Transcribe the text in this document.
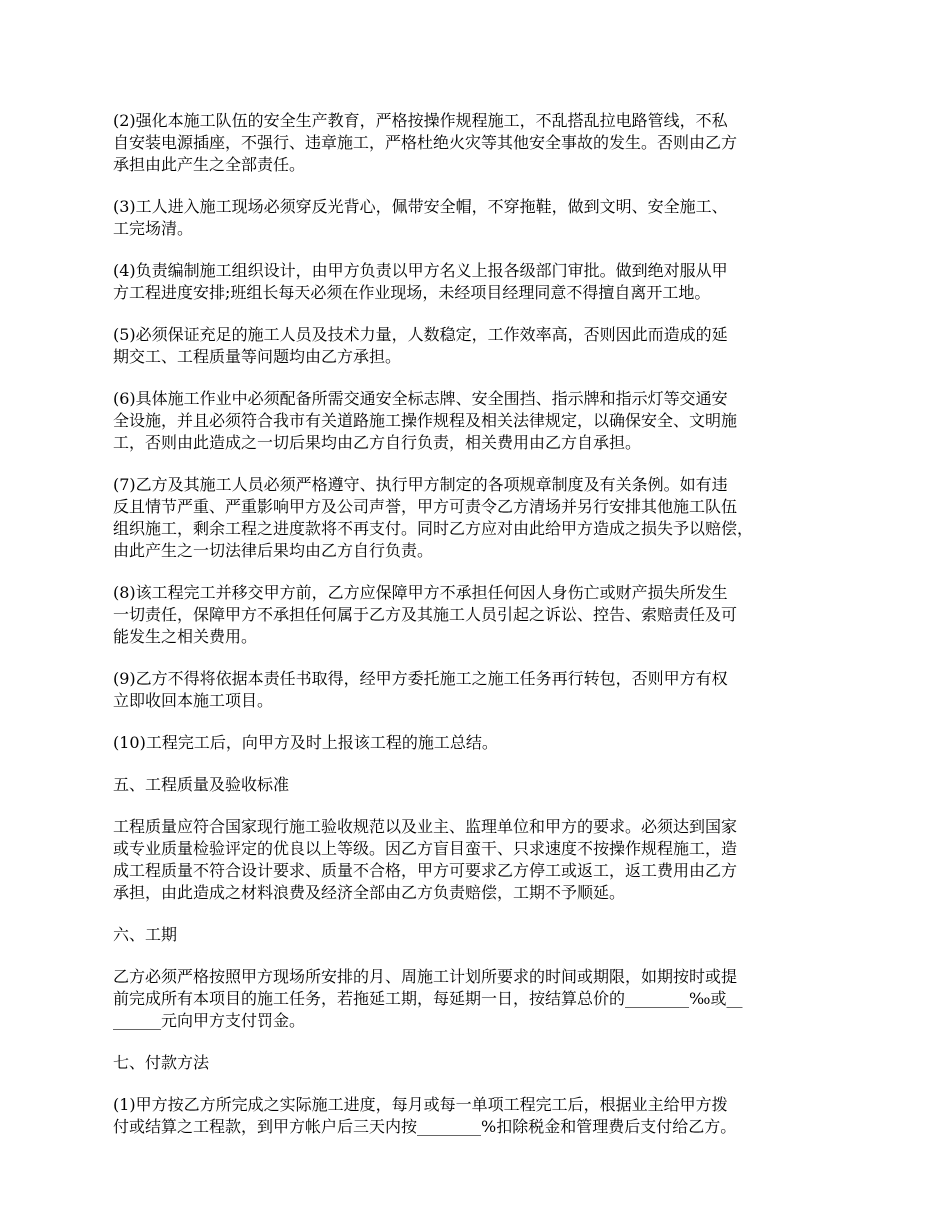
(2)强化本施工队伍的安全生产教育，严格按操作规程施工，不乱搭乱拉电路管线，不私
自安装电源插座，不强行、违章施工，严格杜绝火灾等其他安全事故的发生。否则由乙方
承担由此产生之全部责任。
(3)工人进入施工现场必须穿反光背心，佩带安全帽，不穿拖鞋，做到文明、安全施工、
工完场清。
(4)负责编制施工组织设计，由甲方负责以甲方名义上报各级部门审批。做到绝对服从甲
方工程进度安排;班组长每天必须在作业现场，未经项目经理同意不得擅自离开工地。
(5)必须保证充足的施工人员及技术力量，人数稳定，工作效率高，否则因此而造成的延
期交工、工程质量等问题均由乙方承担。
(6)具体施工作业中必须配备所需交通安全标志牌、安全围挡、指示牌和指示灯等交通安
全设施，并且必须符合我市有关道路施工操作规程及相关法律规定，以确保安全、文明施
工，否则由此造成之一切后果均由乙方自行负责，相关费用由乙方自承担。
(7)乙方及其施工人员必须严格遵守、执行甲方制定的各项规章制度及有关条例。如有违
反且情节严重、严重影响甲方及公司声誉，甲方可责令乙方清场并另行安排其他施工队伍
组织施工，剩余工程之进度款将不再支付。同时乙方应对由此给甲方造成之损失予以赔偿，
由此产生之一切法律后果均由乙方自行负责。
(8)该工程完工并移交甲方前，乙方应保障甲方不承担任何因人身伤亡或财产损失所发生
一切责任，保障甲方不承担任何属于乙方及其施工人员引起之诉讼、控告、索赔责任及可
能发生之相关费用。
(9)乙方不得将依据本责任书取得，经甲方委托施工之施工任务再行转包，否则甲方有权
立即收回本施工项目。
(10)工程完工后，向甲方及时上报该工程的施工总结。
五、工程质量及验收标准
工程质量应符合国家现行施工验收规范以及业主、监理单位和甲方的要求。必须达到国家
或专业质量检验评定的优良以上等级。因乙方盲目蛮干、只求速度不按操作规程施工，造
成工程质量不符合设计要求、质量不合格，甲方可要求乙方停工或返工，返工费用由乙方
承担，由此造成之材料浪费及经济全部由乙方负责赔偿，工期不予顺延。
六、工期
乙方必须严格按照甲方现场所安排的月、周施工计划所要求的时间或期限，如期按时或提
前完成所有本项目的施工任务，若拖延工期，每延期一日，按结算总价的________‰或__
______元向甲方支付罚金。
七、付款方法
(1)甲方按乙方所完成之实际施工进度，每月或每一单项工程完工后，根据业主给甲方拨
付或结算之工程款，到甲方帐户后三天内按________%扣除税金和管理费后支付给乙方。
